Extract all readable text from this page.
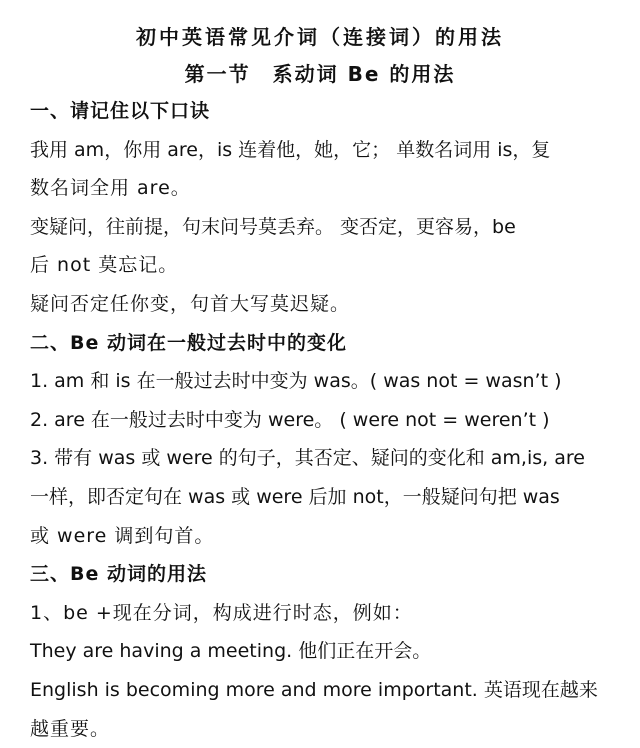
初中英语常见介词（连接词）的用法
第一节　系动词 Be 的用法
一、请记住以下口诀
我用 am，你用 are，is 连着他，她，它； 单数名词用 is，复
数名词全用 are。
变疑问，往前提，句末问号莫丢弃。 变否定，更容易，be
后 not 莫忘记。
疑问否定任你变，句首大写莫迟疑。
二、Be 动词在一般过去时中的变化
1. am 和 is 在一般过去时中变为 was。( was not = wasn’t )
2. are 在一般过去时中变为 were。 ( were not = weren’t )
3. 带有 was 或 were 的句子，其否定、疑问的变化和 am,is, are
一样，即否定句在 was 或 were 后加 not，一般疑问句把 was
或 were 调到句首。
三、Be 动词的用法
1、be +现在分词，构成进行时态，例如：
They are having a meeting. 他们正在开会。
English is becoming more and more important. 英语现在越来
越重要。
